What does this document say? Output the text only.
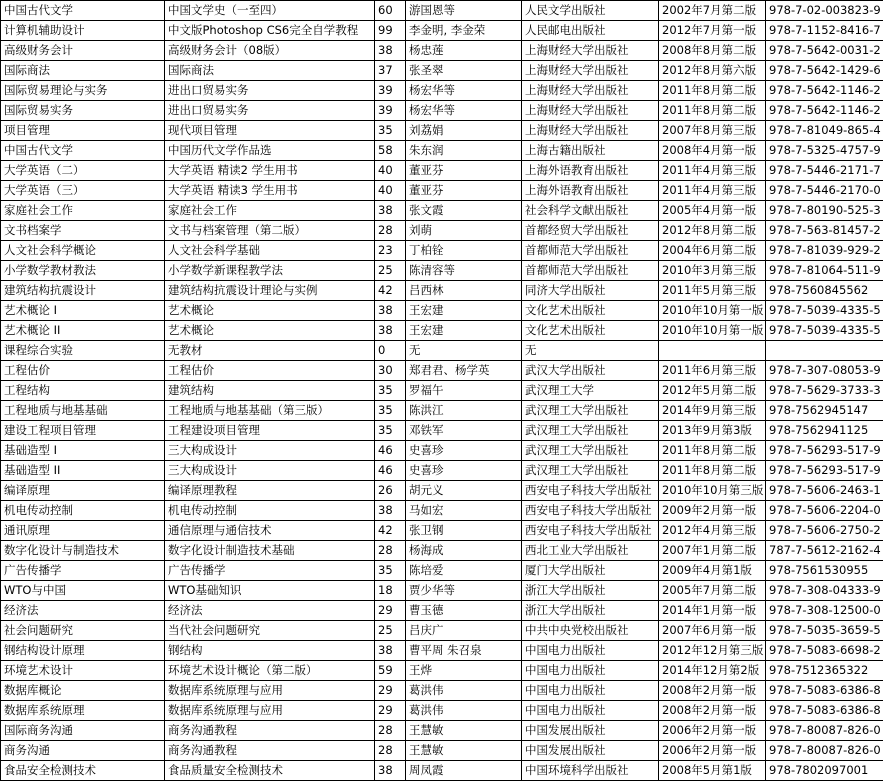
中国古代文学	中国文学史（一至四）	60	游国恩等	人民文学出版社	2002年7月第二版	978-7-02-003823-9
计算机辅助设计	中文版Photoshop CS6完全自学教程	99	李金明, 李金荣	人民邮电出版社	2012年7月第一版	978-7-1152-8416-7
高级财务会计	高级财务会计（08版）	38	杨忠莲	上海财经大学出版社	2008年8月第二版	978-7-5642-0031-2
国际商法	国际商法	37	张圣翠	上海财经大学出版社	2012年8月第六版	978-7-5642-1429-6
国际贸易理论与实务	进出口贸易实务	39	杨宏华等	上海财经大学出版社	2011年8月第二版	978-7-5642-1146-2
国际贸易实务	进出口贸易实务	39	杨宏华等	上海财经大学出版社	2011年8月第二版	978-7-5642-1146-2
项目管理	现代项目管理	35	刘荔娟	上海财经大学出版社	2007年8月第三版	978-7-81049-865-4
中国古代文学	中国历代文学作品选	58	朱东润	上海古籍出版社	2008年4月第一版	978-7-5325-4757-9
大学英语（二）	大学英语 精读2 学生用书	40	董亚芬	上海外语教育出版社	2011年4月第三版	978-7-5446-2171-7
大学英语（三）	大学英语 精读3 学生用书	40	董亚芬	上海外语教育出版社	2011年4月第三版	978-7-5446-2170-0
家庭社会工作	家庭社会工作	38	张文霞	社会科学文献出版社	2005年4月第一版	978-7-80190-525-3
文书档案学	文书与档案管理（第二版）	28	刘萌	首都经贸大学出版社	2012年8月第二版	978-7-563-81457-2
人文社会科学概论	人文社会科学基础	23	丁柏铨	首都师范大学出版社	2004年6月第二版	978-7-81039-929-2
小学数学教材教法	小学数学新课程教学法	25	陈清容等	首都师范大学出版社	2010年3月第三版	978-7-81064-511-9
建筑结构抗震设计	建筑结构抗震设计理论与实例	42	吕西林	同济大学出版社	2011年5月第三版	978-7560845562
艺术概论 I	艺术概论	38	王宏建	文化艺术出版社	2010年10月第一版	978-7-5039-4335-5
艺术概论 II	艺术概论	38	王宏建	文化艺术出版社	2010年10月第一版	978-7-5039-4335-5
课程综合实验	无教材	0	无	无		
工程估价	工程估价	30	郑君君、杨学英	武汉大学出版社	2011年6月第三版	978-7-307-08053-9
工程结构	建筑结构	35	罗福午	武汉理工大学	2012年5月第二版	978-7-5629-3733-3
工程地质与地基基础	工程地质与地基基础（第三版）	35	陈洪江	武汉理工大学出版社	2014年9月第三版	978-7562945147
建设工程项目管理	工程建设项目管理	35	邓铁军	武汉理工大学出版社	2013年9月第3版	978-7562941125
基础造型 I	三大构成设计	46	史喜珍	武汉理工大学出版社	2011年8月第二版	978-7-56293-517-9
基础造型 II	三大构成设计	46	史喜珍	武汉理工大学出版社	2011年8月第二版	978-7-56293-517-9
编译原理	编译原理教程	26	胡元义	西安电子科技大学出版社	2010年10月第三版	978-7-5606-2463-1
机电传动控制	机电传动控制	38	马如宏	西安电子科技大学出版社	2009年2月第一版	978-7-5606-2204-0
通讯原理	通信原理与通信技术	42	张卫钢	西安电子科技大学出版社	2012年4月第三版	978-7-5606-2750-2
数字化设计与制造技术	数字化设计制造技术基础	28	杨海成	西北工业大学出版社	2007年1月第二版	787-7-5612-2162-4
广告传播学	广告传播学	35	陈培爱	厦门大学出版社	2009年4月第1版	978-7561530955
WTO与中国	WTO基础知识	18	贾少华等	浙江大学出版社	2005年7月第二版	978-7-308-04333-9
经济法	经济法	29	曹玉德	浙江大学出版社	2014年1月第一版	978-7-308-12500-0
社会问题研究	当代社会问题研究	25	吕庆广	中共中央党校出版社	2007年6月第一版	978-7-5035-3659-5
钢结构设计原理	钢结构	38	曹平周 朱召泉	中国电力出版社	2012年12月第三版	978-7-5083-6698-2
环境艺术设计	环境艺术设计概论（第二版）	59	王烨	中国电力出版社	2014年12月第2版	978-7512365322
数据库概论	数据库系统原理与应用	29	葛洪伟	中国电力出版社	2008年2月第一版	978-7-5083-6386-8
数据库系统原理	数据库系统原理与应用	29	葛洪伟	中国电力出版社	2008年2月第一版	978-7-5083-6386-8
国际商务沟通	商务沟通教程	28	王慧敏	中国发展出版社	2006年2月第一版	978-7-80087-826-0
商务沟通	商务沟通教程	28	王慧敏	中国发展出版社	2006年2月第一版	978-7-80087-826-0
食品安全检测技术	食品质量安全检测技术	38	周凤霞	中国环境科学出版社	2008年5月第1版	978-7802097001
